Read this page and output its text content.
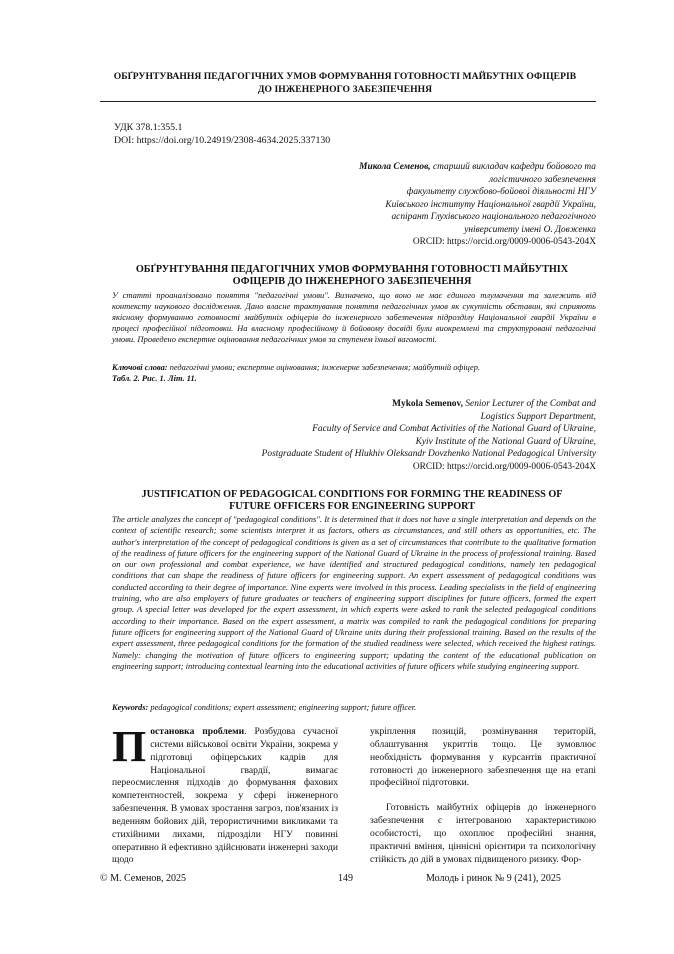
ОБҐРУНТУВАННЯ ПЕДАГОГІЧНИХ УМОВ ФОРМУВАННЯ ГОТОВНОСТІ МАЙБУТНІХ ОФІЦЕРІВ
ДО ІНЖЕНЕРНОГО ЗАБЕЗПЕЧЕННЯ
УДК 378.1:355.1
DOI: https://doi.org/10.24919/2308-4634.2025.337130
Микола Семенов, старший викладач кафедри бойового та
логістичного забезпечення
факультету службово-бойової діяльності НГУ
Київського інституту Національної гвардії України,
аспірант Глухівського національного педагогічного
університету імені О. Довженка
ORCID: https://orcid.org/0009-0006-0543-204X
ОБҐРУНТУВАННЯ ПЕДАГОГІЧНИХ УМОВ ФОРМУВАННЯ ГОТОВНОСТІ МАЙБУТНІХ
ОФІЦЕРІВ ДО ІНЖЕНЕРНОГО ЗАБЕЗПЕЧЕННЯ
У статті проаналізовано поняття "педагогічні умови". Визначено, що воно не має єдиного тлумачення та залежить від контексту наукового дослідження. Дано власне трактування поняття педагогічних умов як сукупність обставин, які сприяють якісному формуванню готовності майбутніх офіцерів до інженерного забезпечення підрозділу Національної гвардії України в процесі професійної підготовки. На власному професійному й бойовому досвіді були виокремлені та структуровані педагогічні умови. Проведено експертне оцінювання педагогічних умов за ступенем їхньої вагомості.
Ключові слова: педагогічні умови; експертне оцінювання; інженерне забезпечення; майбутній офіцер.
Табл. 2. Рис. 1. Літ. 11.
Mykola Semenov, Senior Lecturer of the Combat and
Logistics Support Department,
Faculty of Service and Combat Activities of the National Guard of Ukraine,
Kyiv Institute of the National Guard of Ukraine,
Postgraduate Student of Hlukhiv Oleksandr Dovzhenko National Pedagogical University
ORCID: https://orcid.org/0009-0006-0543-204X
JUSTIFICATION OF PEDAGOGICAL CONDITIONS FOR FORMING THE READINESS OF
FUTURE OFFICERS FOR ENGINEERING SUPPORT
The article analyzes the concept of "pedagogical conditions". It is determined that it does not have a single interpretation and depends on the context of scientific research; some scientists interpret it as factors, others as circumstances, and still others as opportunities, etc. The author's interpretation of the concept of pedagogical conditions is given as a set of circumstances that contribute to the qualitative formation of the readiness of future officers for the engineering support of the National Guard of Ukraine in the process of professional training. Based on our own professional and combat experience, we have identified and structured pedagogical conditions, namely ten pedagogical conditions that can shape the readiness of future officers for engineering support. An expert assessment of pedagogical conditions was conducted according to their degree of importance. Nine experts were involved in this process. Leading specialists in the field of engineering training, who are also employers of future graduates or teachers of engineering support disciplines for future officers, formed the expert group. A special letter was developed for the expert assessment, in which experts were asked to rank the selected pedagogical conditions according to their importance. Based on the expert assessment, a matrix was compiled to rank the pedagogical conditions for preparing future officers for engineering support of the National Guard of Ukraine units during their professional training. Based on the results of the expert assessment, three pedagogical conditions for the formation of the studied readiness were selected, which received the highest ratings. Namely: changing the motivation of future officers to engineering support; updating the content of the educational publication on engineering support; introducing contextual learning into the educational activities of future officers while studying engineering support.
Keywords: pedagogical conditions; expert assessment; engineering support; future officer.

Постановка проблеми. Розбудова сучасної системи військової освіти України, зокрема у підготовці офіцерських кадрів для Національної гвардії, вимагає переосмислення підходів до формування фахових компетентностей, зокрема у сфері інженерного забезпечення. В умовах зростання загроз, пов'язаних із веденням бойових дій, терористичними викликами та стихійними лихами, підрозділи НГУ повинні оперативно й ефективно здійснювати інженерні заходи щодо

укріплення позицій, розмінування територій, облаштування укриттів тощо. Це зумовлює необхідність формування у курсантів практичної готовності до інженерного забезпечення ще на етапі професійної підготовки.

Готовність майбутніх офіцерів до інженерного забезпечення є інтегрованою характеристикою особистості, що охоплює професійні знання, практичні вміння, ціннісні орієнтири та психологічну стійкість до дій в умовах підвищеного ризику. Фор-

© М. Семенов, 2025	149	Молодь і ринок № 9 (241), 2025
